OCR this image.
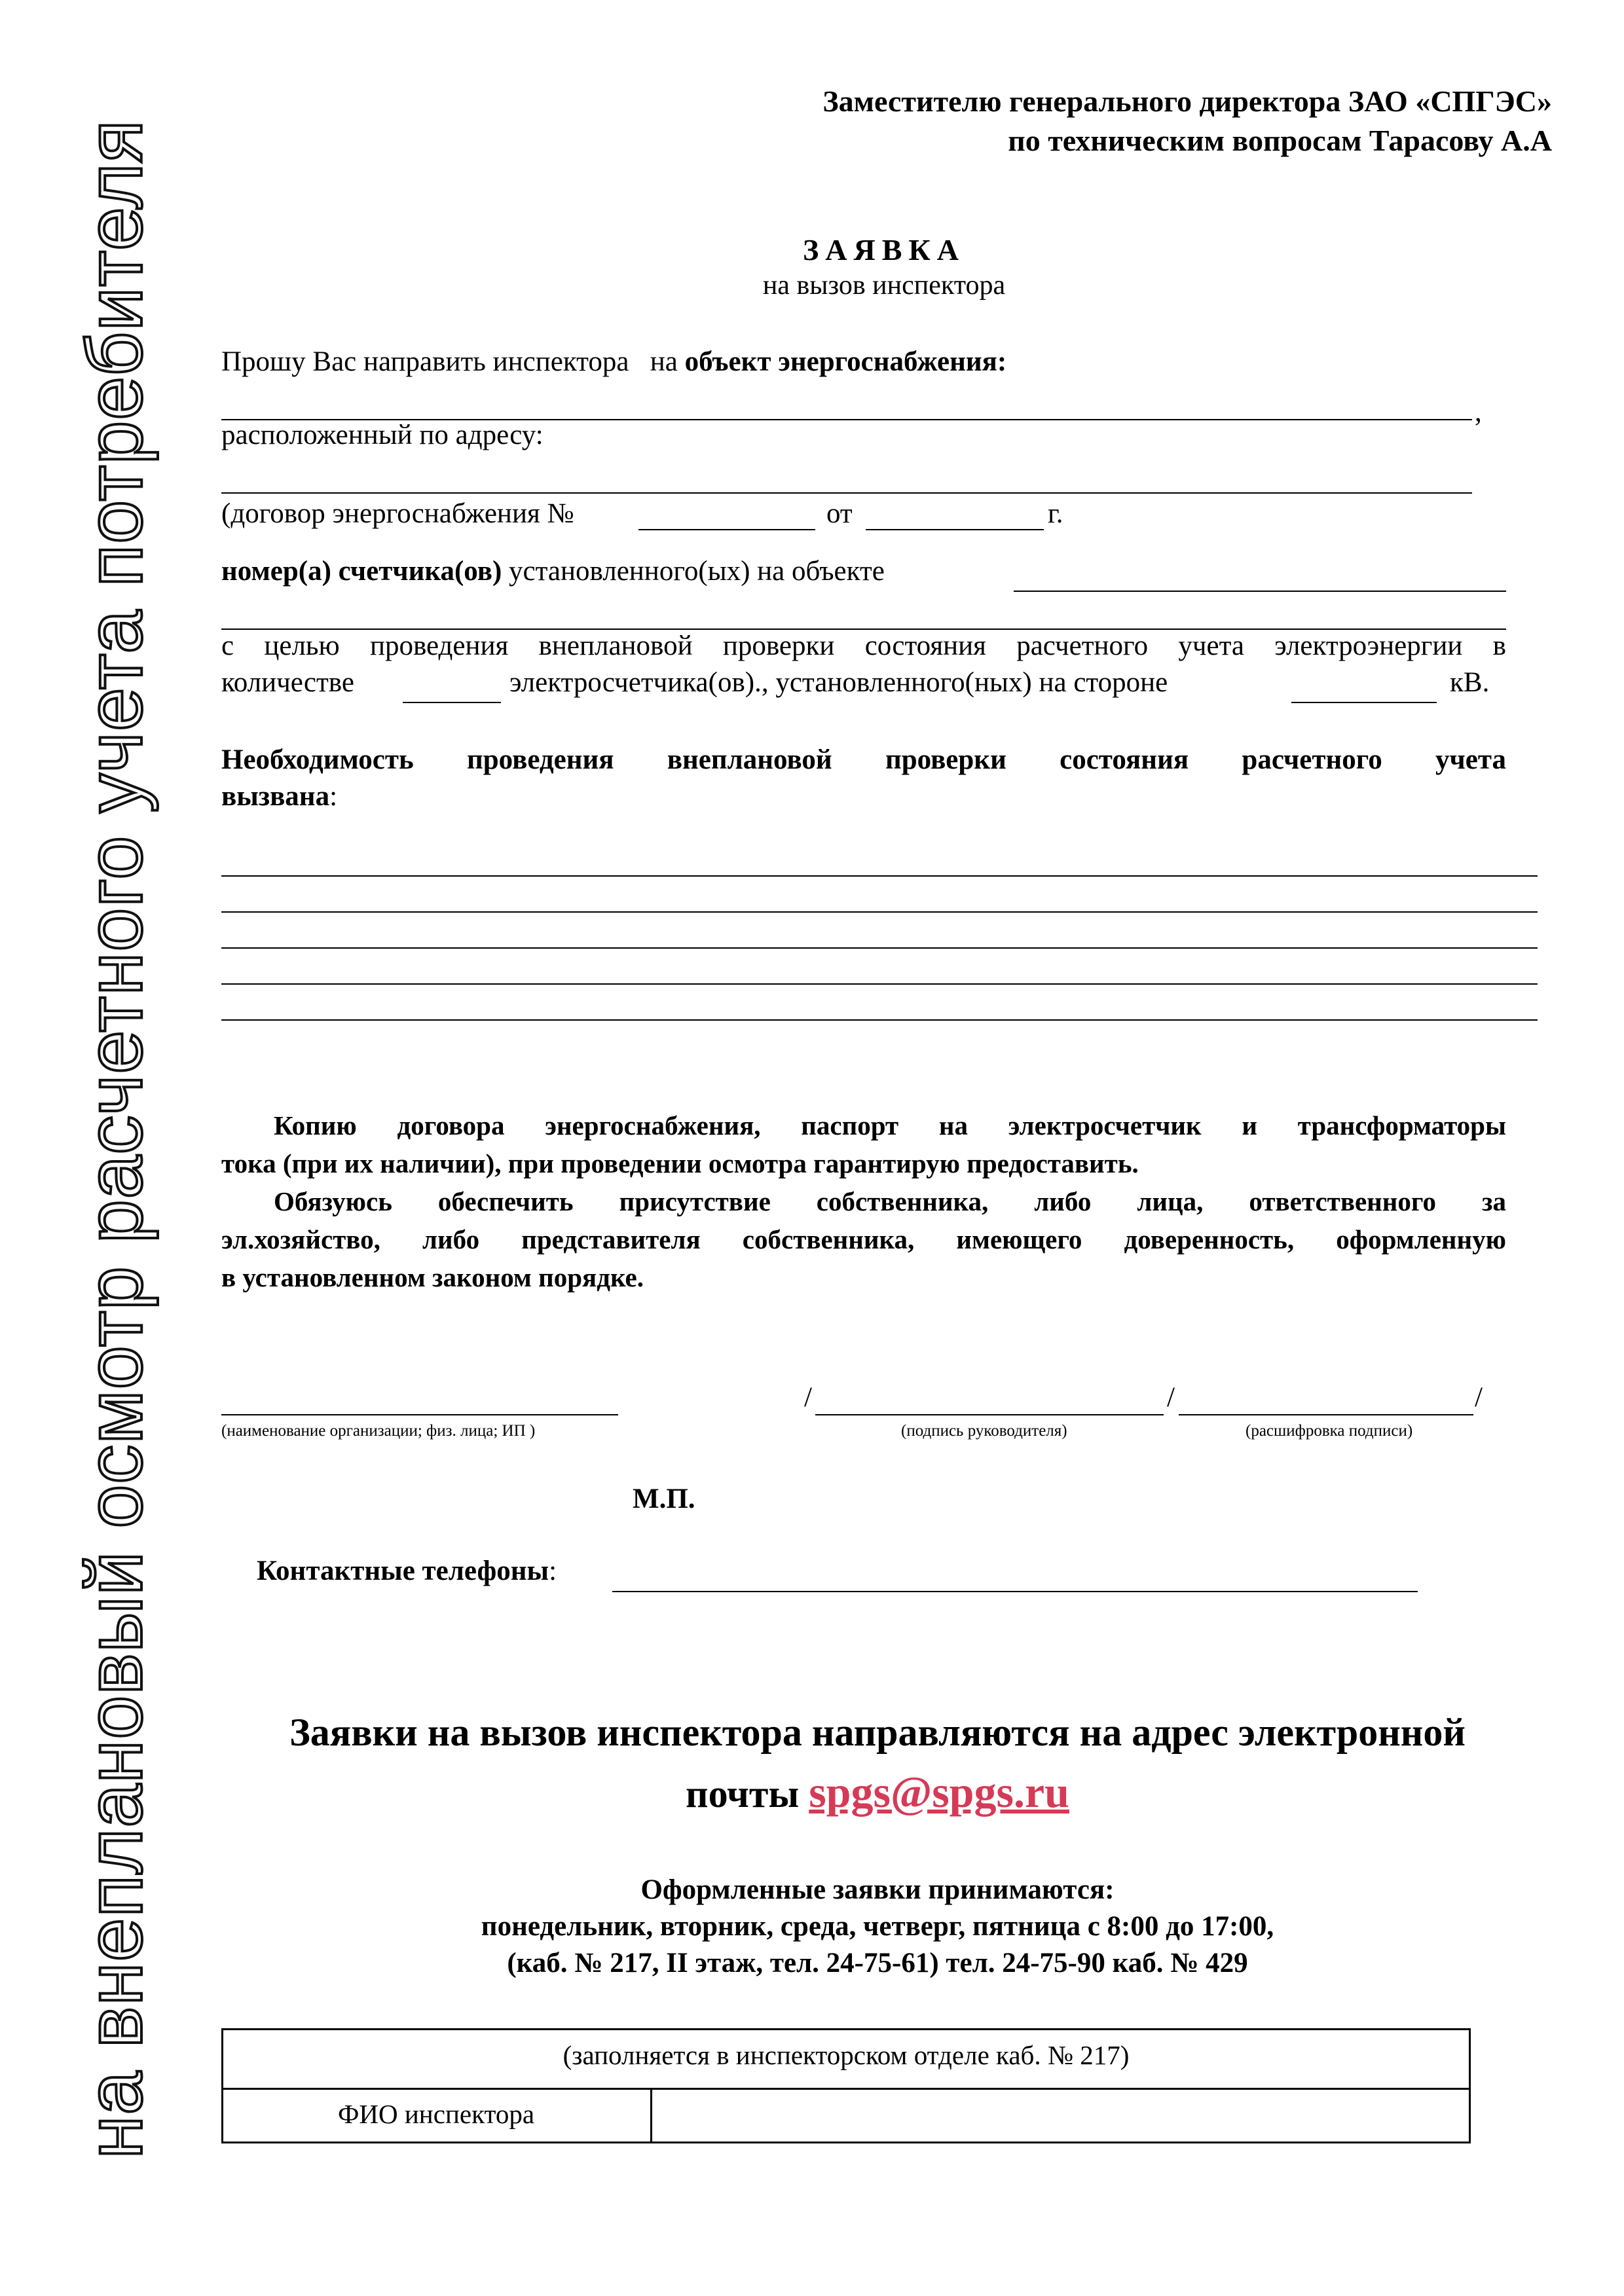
на внеплановый осмотр расчетного учета потребителя
Заместителю генерального директора ЗАО «СПГЭС»
по техническим вопросам Тарасову А.А
ЗАЯВКА
на вызов инспектора
Прошу Вас направить инспектора   на объект энергоснабжения:
,
расположенный по адресу:
(договор энергоснабжения №	от	г.
номер(а) счетчика(ов) установленного(ых) на объекте
с целью проведения внеплановой проверки состояния расчетного учета электроэнергии в
количестве	электросчетчика(ов)., установленного(ных) на стороне	кВ.
Необходимость проведения внеплановой проверки состояния расчетного учета
вызвана:
Копию договора энергоснабжения, паспорт на электросчетчик и трансформаторы
тока (при их наличии), при проведении осмотра гарантирую предоставить.
Обязуюсь обеспечить присутствие собственника, либо лица, ответственного за
эл.хозяйство, либо представителя собственника, имеющего доверенность, оформленную
в установленном законом порядке.
(наименование организации; физ. лица; ИП )
/
(подпись руководителя)
/
(расшифровка подписи)
/
М.П.
Контактные телефоны:
Заявки на вызов инспектора направляются на адрес электронной
почты spgs@spgs.ru
Оформленные заявки принимаются:
понедельник, вторник, среда, четверг, пятница с 8:00 до 17:00,
(каб. № 217, II этаж, тел. 24-75-61) тел. 24-75-90 каб. № 429
(заполняется в инспекторском отделе каб. № 217)
ФИО инспектора
